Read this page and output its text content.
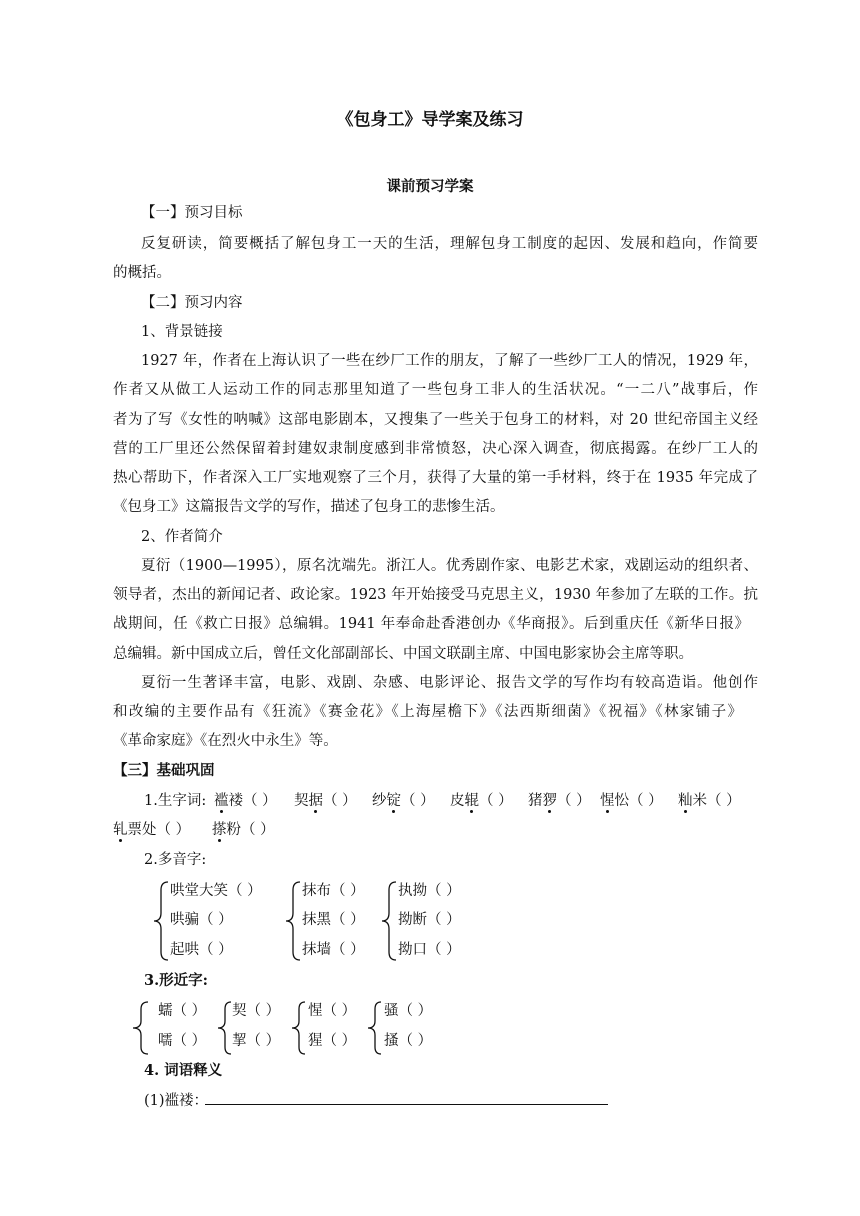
《包身工》导学案及练习
课前预习学案
【一】预习目标
反复研读，简要概括了解包身工一天的生活，理解包身工制度的起因、发展和趋向，作简要
的概括。
【二】预习内容
1、背景链接
1927 年，作者在上海认识了一些在纱厂工作的朋友，了解了一些纱厂工人的情况，1929 年，
作者又从做工人运动工作的同志那里知道了一些包身工非人的生活状况。“一二八”战事后，作
者为了写《女性的呐喊》这部电影剧本，又搜集了一些关于包身工的材料，对 20 世纪帝国主义经
营的工厂里还公然保留着封建奴隶制度感到非常愤怒，决心深入调查，彻底揭露。在纱厂工人的
热心帮助下，作者深入工厂实地观察了三个月，获得了大量的第一手材料，终于在 1935 年完成了
《包身工》这篇报告文学的写作，描述了包身工的悲惨生活。
2、作者简介
夏衍（1900—1995），原名沈端先。浙江人。优秀剧作家、电影艺术家，戏剧运动的组织者、
领导者，杰出的新闻记者、政论家。1923 年开始接受马克思主义，1930 年参加了左联的工作。抗
战期间，任《救亡日报》总编辑。1941 年奉命赴香港创办《华商报》。后到重庆任《新华日报》
总编辑。新中国成立后，曾任文化部副部长、中国文联副主席、中国电影家协会主席等职。
夏衍一生著译丰富，电影、戏剧、杂感、电影评论、报告文学的写作均有较高造诣。他创作
和改编的主要作品有《狂流》《赛金花》《上海屋檐下》《法西斯细菌》《祝福》《林家铺子》
《革命家庭》《在烈火中永生》等。
【三】基础巩固
1.生字词: 褴褛（ ） 契据（ ） 纱锭（ ） 皮辊（ ） 猪猡（ ） 惺忪（ ） 籼米（ ）
轧票处（ ） 搽粉（ ）
2.多音字:
哄堂大笑（ ）
哄骗（ ）
起哄（ ）
抹布（ ）
抹黑（ ）
抹墙（ ）
执拗（ ）
拗断（ ）
拗口（ ）
3.形近字:
蠕（ ）
嚅（ ）
契（ ）
挈（ ）
惺（ ）
猩（ ）
骚（ ）
搔（ ）
4. 词语释义
(1)褴褛：
